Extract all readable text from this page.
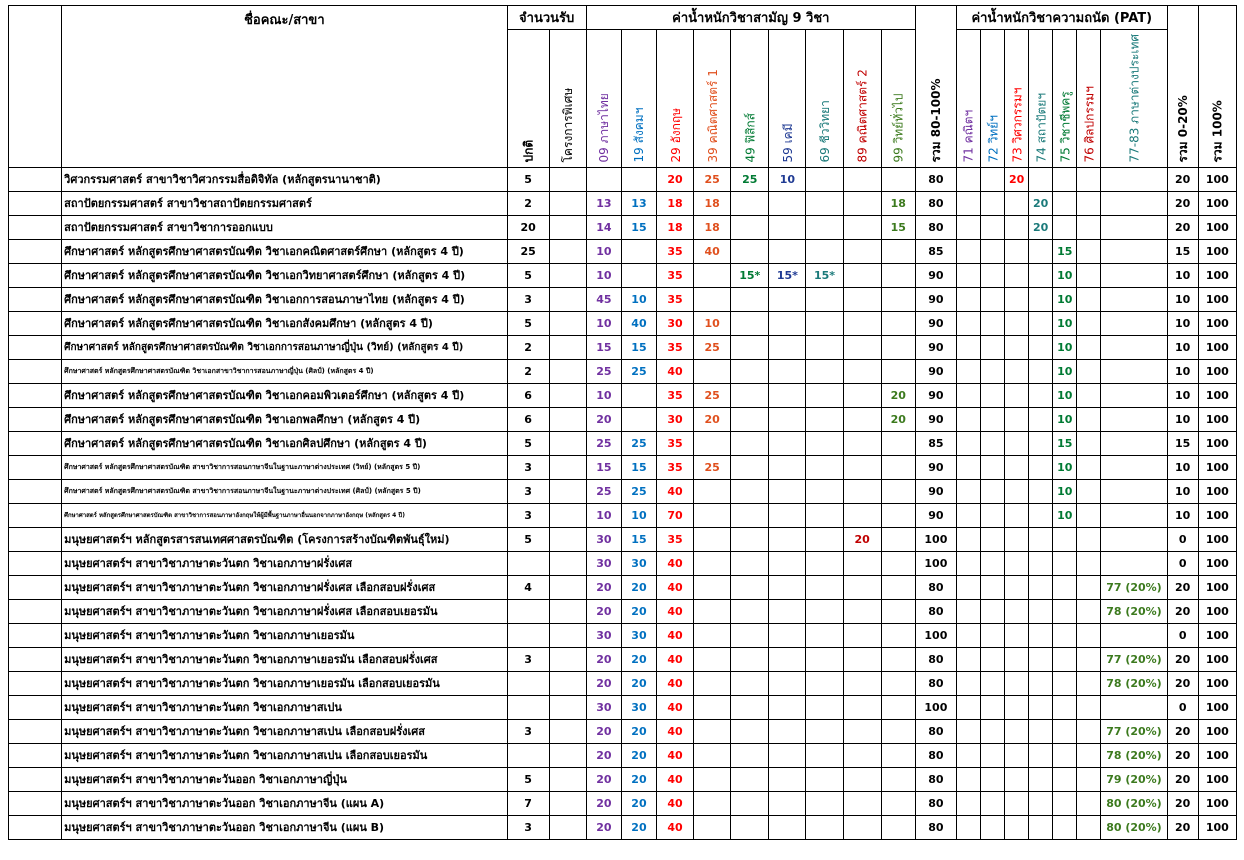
	ชื่อคณะ/สาขา	จำนวนรับ		ค่าน้ำหนักวิชาสามัญ 9 วิชา									รวม 80-100%	ค่าน้ำหนักวิชาความถนัด (PAT)							รวม 0-20%	รวม 100%
		ปกติ	โครงการพิเศษ	09 ภาษาไทย	19 สังคมฯ	29 อังกฤษ	39 คณิตศาสตร์ 1	49 ฟิสิกส์	59 เคมี	69 ชีววิทยา	89 คณิตศาสตร์ 2	99 วิทย์ทั่วไป		71 คณิตฯ	72 วิทย์ฯ	73 วิศวกรรมฯ	74 สถาปัตยฯ	75 วิชาชีพครู	76 ศิลปกรรมฯ	77-83 ภาษาต่างประเทศ		
	วิศวกรรมศาสตร์ สาขาวิชาวิศวกรรมสื่อดิจิทัล (หลักสูตรนานาชาติ)	5				20	25	25	10				80			20					20	100
	สถาปัตยกรรมศาสตร์ สาขาวิชาสถาปัตยกรรมศาสตร์	2		13	13	18	18					18	80				20				20	100
	สถาปัตยกรรมศาสตร์ สาขาวิชาการออกแบบ	20		14	15	18	18					15	80				20				20	100
	ศึกษาศาสตร์ หลักสูตรศึกษาศาสตรบัณฑิต วิชาเอกคณิตศาสตร์ศึกษา (หลักสูตร 4 ปี)	25		10		35	40						85					15			15	100
	ศึกษาศาสตร์ หลักสูตรศึกษาศาสตรบัณฑิต วิชาเอกวิทยาศาสตร์ศึกษา (หลักสูตร 4 ปี)	5		10		35		15*	15*	15*			90					10			10	100
	ศึกษาศาสตร์ หลักสูตรศึกษาศาสตรบัณฑิต วิชาเอกการสอนภาษาไทย (หลักสูตร 4 ปี)	3		45	10	35							90					10			10	100
	ศึกษาศาสตร์ หลักสูตรศึกษาศาสตรบัณฑิต วิชาเอกสังคมศึกษา (หลักสูตร 4 ปี)	5		10	40	30	10						90					10			10	100
	ศึกษาศาสตร์ หลักสูตรศึกษาศาสตรบัณฑิต วิชาเอกการสอนภาษาญี่ปุ่น (วิทย์) (หลักสูตร 4 ปี)	2		15	15	35	25						90					10			10	100
	ศึกษาศาสตร์ หลักสูตรศึกษาศาสตรบัณฑิต วิชาเอกสาขาวิชาการสอนภาษาญี่ปุ่น (ศิลป์) (หลักสูตร 4 ปี)	2		25	25	40							90					10			10	100
	ศึกษาศาสตร์ หลักสูตรศึกษาศาสตรบัณฑิต วิชาเอกคอมพิวเตอร์ศึกษา (หลักสูตร 4 ปี)	6		10		35	25					20	90					10			10	100
	ศึกษาศาสตร์ หลักสูตรศึกษาศาสตรบัณฑิต วิชาเอกพลศึกษา (หลักสูตร 4 ปี)	6		20		30	20					20	90					10			10	100
	ศึกษาศาสตร์ หลักสูตรศึกษาศาสตรบัณฑิต วิชาเอกศิลปศึกษา (หลักสูตร 4 ปี)	5		25	25	35							85					15			15	100
	ศึกษาศาสตร์ หลักสูตรศึกษาศาสตรบัณฑิต สาขาวิชาการสอนภาษาจีนในฐานะภาษาต่างประเทศ (วิทย์) (หลักสูตร 5 ปี)	3		15	15	35	25						90					10			10	100
	ศึกษาศาสตร์ หลักสูตรศึกษาศาสตรบัณฑิต สาขาวิชาการสอนภาษาจีนในฐานะภาษาต่างประเทศ (ศิลป์) (หลักสูตร 5 ปี)	3		25	25	40							90					10			10	100
	ศึกษาศาสตร์ หลักสูตรศึกษาศาสตรบัณฑิต สาขาวิชาการสอนภาษาอังกฤษให้ผู้มีพื้นฐานภาษาอื่นนอกจากภาษาอังกฤษ (หลักสูตร 4 ปี)	3		10	10	70							90					10			10	100
	มนุษยศาสตร์ฯ หลักสูตรสารสนเทศศาสตรบัณฑิต (โครงการสร้างบัณฑิตพันธุ์ใหม่)	5		30	15	35					20		100								0	100
	มนุษยศาสตร์ฯ สาขาวิชาภาษาตะวันตก วิชาเอกภาษาฝรั่งเศส			30	30	40							100								0	100
	มนุษยศาสตร์ฯ สาขาวิชาภาษาตะวันตก วิชาเอกภาษาฝรั่งเศส เลือกสอบฝรั่งเศส	4		20	20	40							80							77 (20%)	20	100
	มนุษยศาสตร์ฯ สาขาวิชาภาษาตะวันตก วิชาเอกภาษาฝรั่งเศส เลือกสอบเยอรมัน			20	20	40							80							78 (20%)	20	100
	มนุษยศาสตร์ฯ สาขาวิชาภาษาตะวันตก วิชาเอกภาษาเยอรมัน			30	30	40							100								0	100
	มนุษยศาสตร์ฯ สาขาวิชาภาษาตะวันตก วิชาเอกภาษาเยอรมัน เลือกสอบฝรั่งเศส	3		20	20	40							80							77 (20%)	20	100
	มนุษยศาสตร์ฯ สาขาวิชาภาษาตะวันตก วิชาเอกภาษาเยอรมัน เลือกสอบเยอรมัน			20	20	40							80							78 (20%)	20	100
	มนุษยศาสตร์ฯ สาขาวิชาภาษาตะวันตก วิชาเอกภาษาสเปน			30	30	40							100								0	100
	มนุษยศาสตร์ฯ สาขาวิชาภาษาตะวันตก วิชาเอกภาษาสเปน เลือกสอบฝรั่งเศส	3		20	20	40							80							77 (20%)	20	100
	มนุษยศาสตร์ฯ สาขาวิชาภาษาตะวันตก วิชาเอกภาษาสเปน เลือกสอบเยอรมัน			20	20	40							80							78 (20%)	20	100
	มนุษยศาสตร์ฯ สาขาวิชาภาษาตะวันออก วิชาเอกภาษาญี่ปุ่น	5		20	20	40							80							79 (20%)	20	100
	มนุษยศาสตร์ฯ สาขาวิชาภาษาตะวันออก วิชาเอกภาษาจีน (แผน A)	7		20	20	40							80							80 (20%)	20	100
	มนุษยศาสตร์ฯ สาขาวิชาภาษาตะวันออก วิชาเอกภาษาจีน (แผน B)	3		20	20	40							80							80 (20%)	20	100
